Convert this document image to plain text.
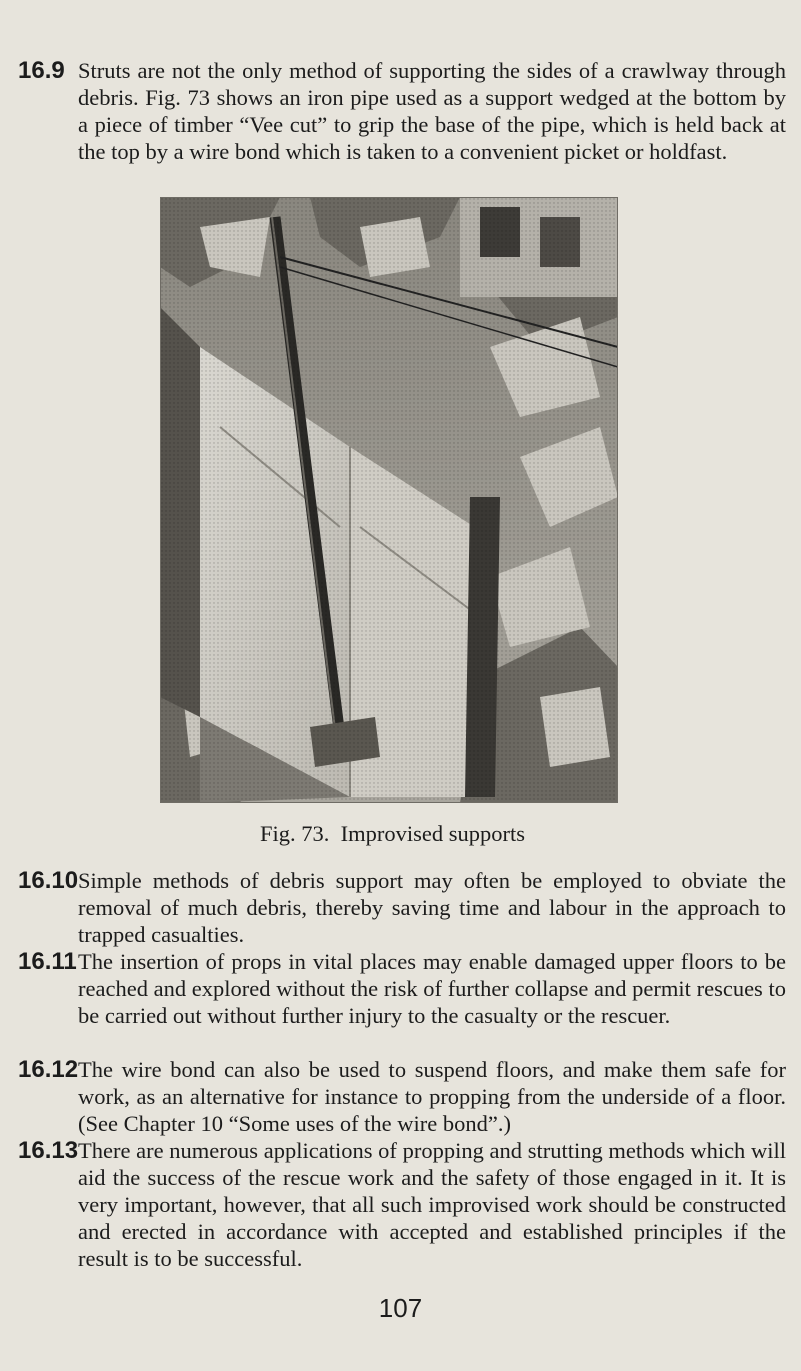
16.9 Struts are not the only method of supporting the sides of a crawlway through debris. Fig. 73 shows an iron pipe used as a support wedged at the bottom by a piece of timber “Vee cut” to grip the base of the pipe, which is held back at the top by a wire bond which is taken to a convenient picket or holdfast.
Fig. 73. Improvised supports
16.10 Simple methods of debris support may often be employed to obviate the removal of much debris, thereby saving time and labour in the approach to trapped casualties.
16.11 The insertion of props in vital places may enable damaged upper floors to be reached and explored without the risk of further collapse and permit rescues to be carried out without further injury to the casualty or the rescuer.
16.12 The wire bond can also be used to suspend floors, and make them safe for work, as an alternative for instance to propping from the underside of a floor. (See Chapter 10 “Some uses of the wire bond”.)
16.13 There are numerous applications of propping and strutting methods which will aid the success of the rescue work and the safety of those engaged in it. It is very important, however, that all such improvised work should be constructed and erected in accordance with accepted and established principles if the result is to be successful.
107
